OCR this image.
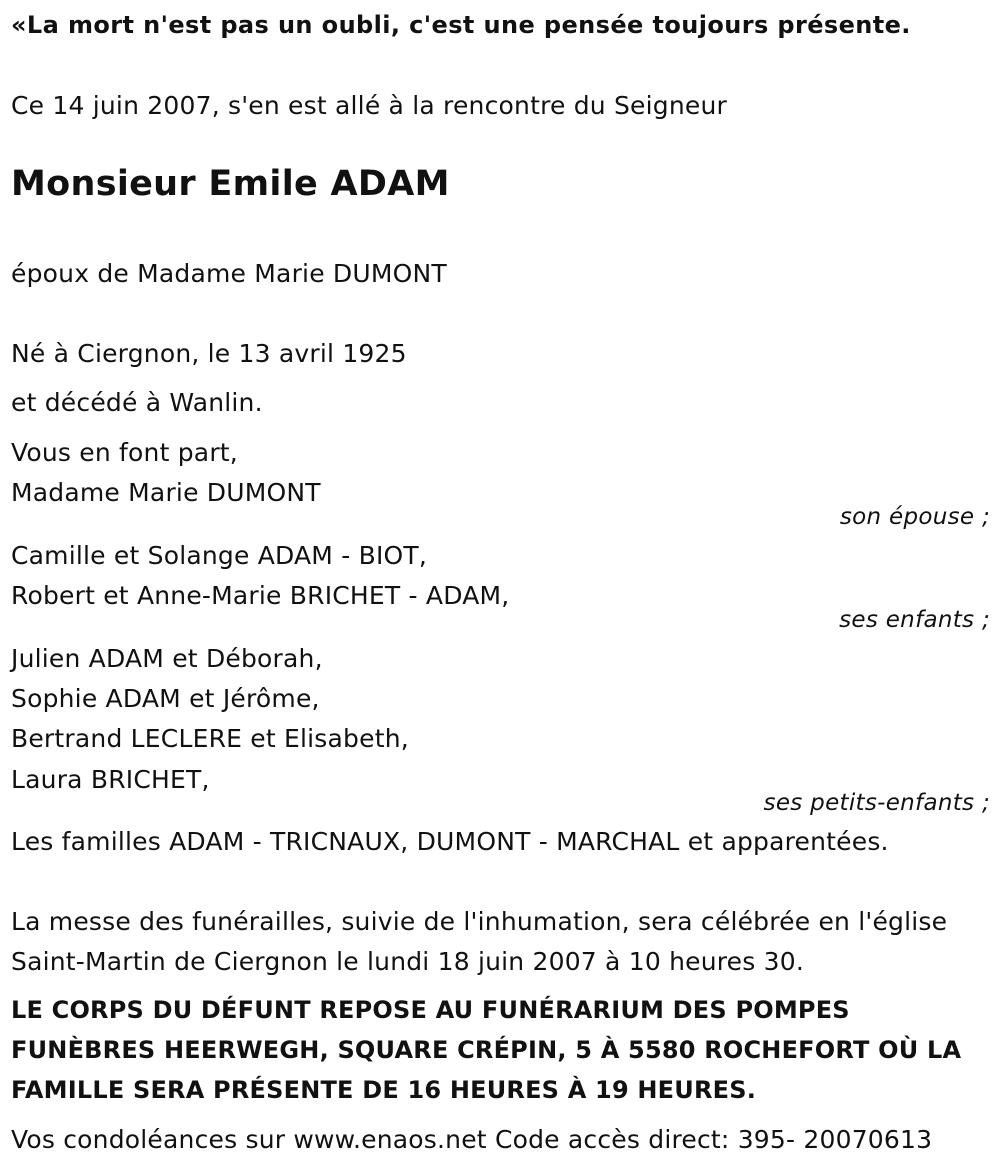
«La mort n'est pas un oubli, c'est une pensée toujours présente.

Ce 14 juin 2007, s'en est allé à la rencontre du Seigneur

Monsieur Emile ADAM

époux de Madame Marie DUMONT

Né à Ciergnon, le 13 avril 1925

et décédé à Wanlin.

Vous en font part,

Madame Marie DUMONT

son épouse ;

Camille et Solange ADAM - BIOT,

Robert et Anne-Marie BRICHET - ADAM,

ses enfants ;

Julien ADAM et Déborah,

Sophie ADAM et Jérôme,

Bertrand LECLERE et Elisabeth,

Laura BRICHET,

ses petits-enfants ;

Les familles ADAM - TRICNAUX, DUMONT - MARCHAL et apparentées.

La messe des funérailles, suivie de l'inhumation, sera célébrée en l'église

Saint-Martin de Ciergnon le lundi 18 juin 2007 à 10 heures 30.

LE CORPS DU DÉFUNT REPOSE AU FUNÉRARIUM DES POMPES

FUNÈBRES HEERWEGH, SQUARE CRÉPIN, 5 À 5580 ROCHEFORT OÙ LA

FAMILLE SERA PRÉSENTE DE 16 HEURES À 19 HEURES.

Vos condoléances sur www.enaos.net Code accès direct: 395- 20070613
